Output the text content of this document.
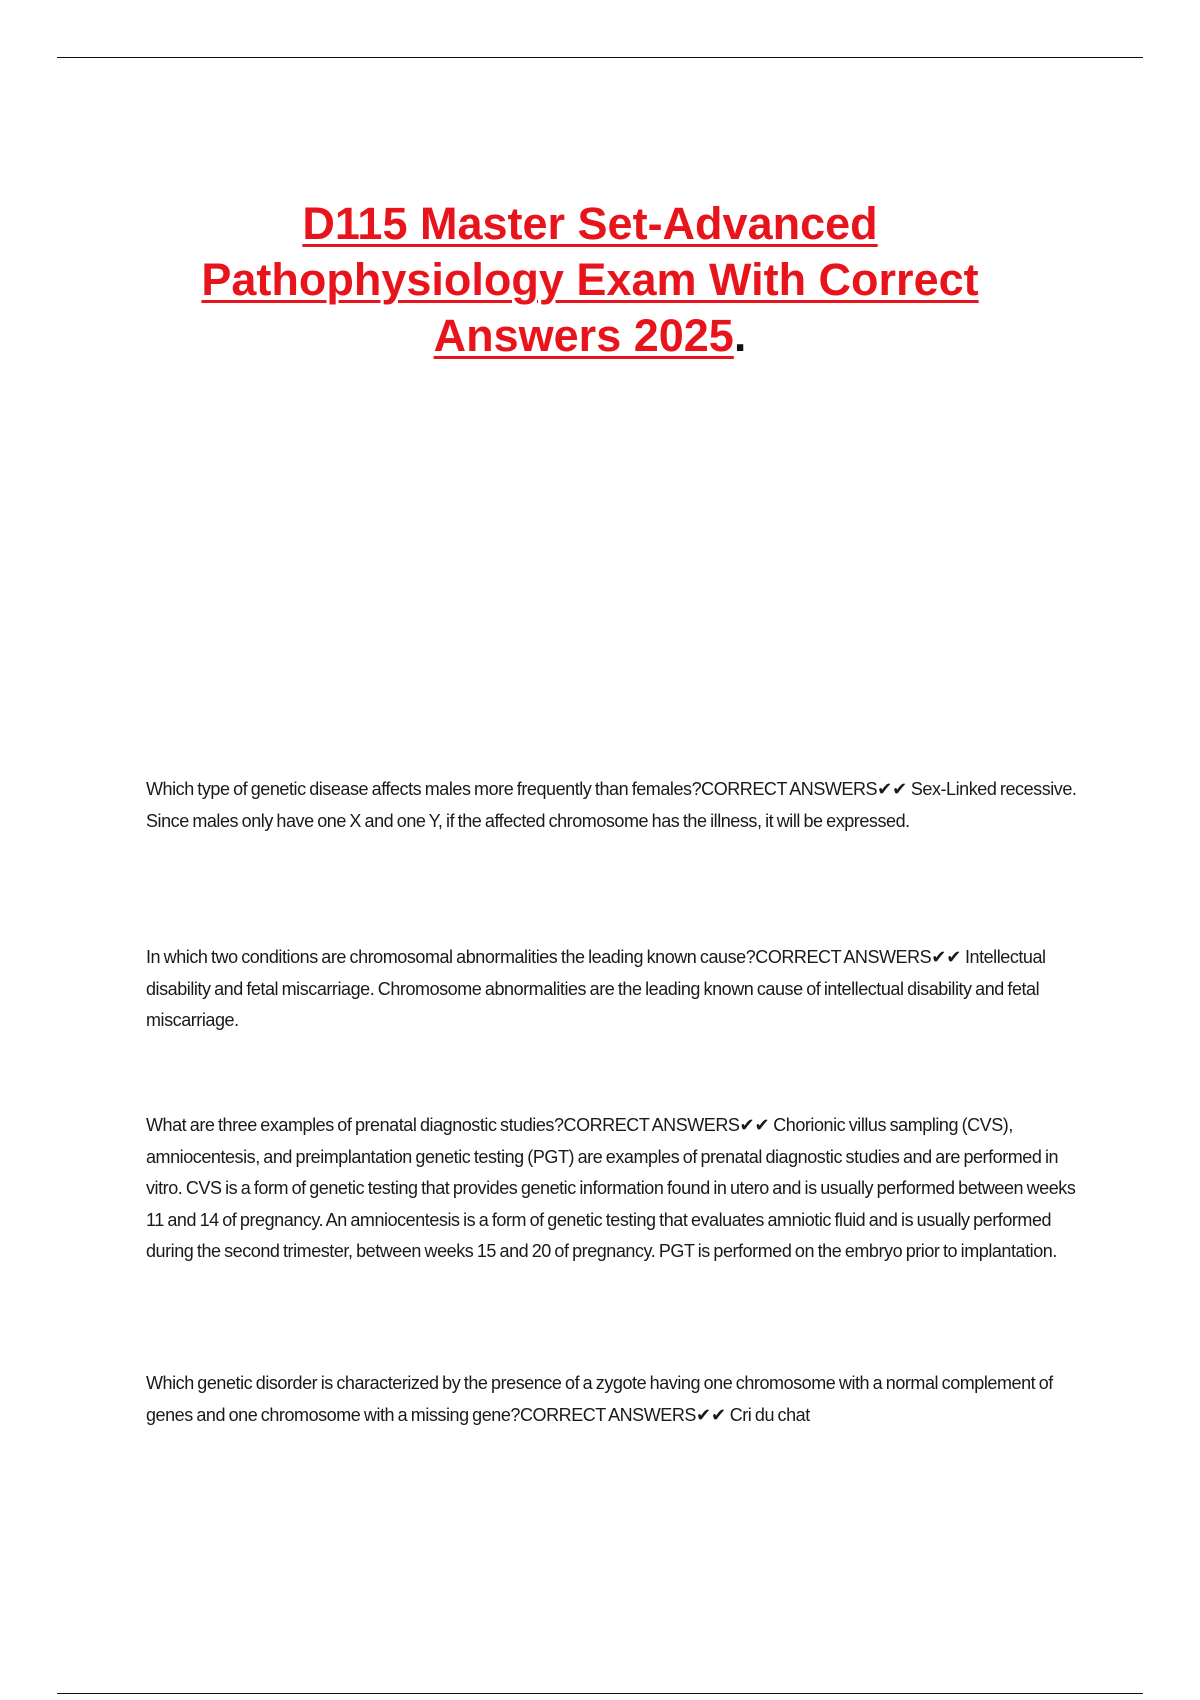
D115 Master Set-Advanced Pathophysiology Exam With Correct Answers 2025.

Which type of genetic disease affects males more frequently than females?CORRECT ANSWERS✔✔ Sex-Linked recessive. Since males only have one X and one Y, if the affected chromosome has the illness, it will be expressed.

In which two conditions are chromosomal abnormalities the leading known cause?CORRECT ANSWERS✔✔ Intellectual disability and fetal miscarriage. Chromosome abnormalities are the leading known cause of intellectual disability and fetal miscarriage.

What are three examples of prenatal diagnostic studies?CORRECT ANSWERS✔✔ Chorionic villus sampling (CVS), amniocentesis, and preimplantation genetic testing (PGT) are examples of prenatal diagnostic studies and are performed in vitro. CVS is a form of genetic testing that provides genetic information found in utero and is usually performed between weeks 11 and 14 of pregnancy. An amniocentesis is a form of genetic testing that evaluates amniotic fluid and is usually performed during the second trimester, between weeks 15 and 20 of pregnancy. PGT is performed on the embryo prior to implantation.

Which genetic disorder is characterized by the presence of a zygote having one chromosome with a normal complement of genes and one chromosome with a missing gene?CORRECT ANSWERS✔✔ Cri du chat
